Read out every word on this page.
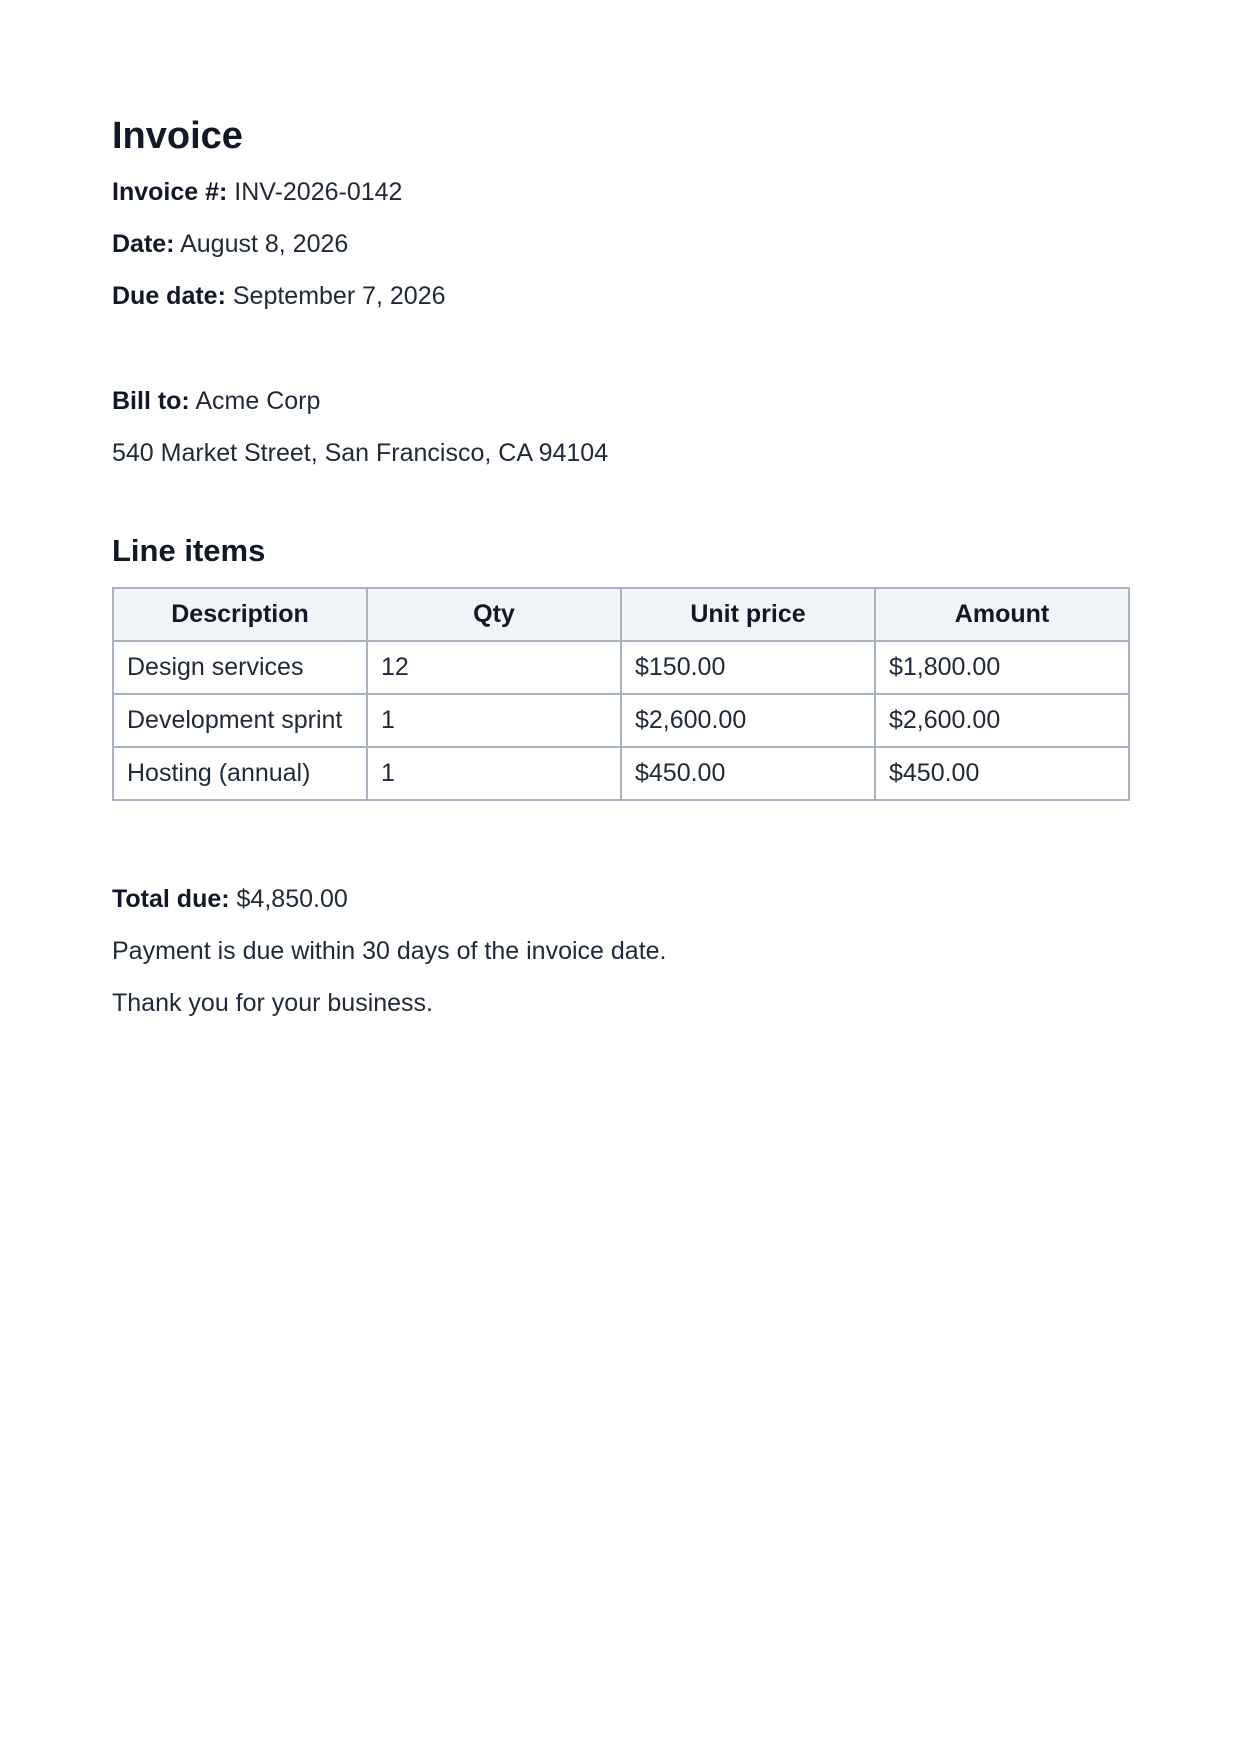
Invoice

Invoice #: INV-2026-0142

Date: August 8, 2026

Due date: September 7, 2026

Bill to: Acme Corp

540 Market Street, San Francisco, CA 94104

Line items
Description	Qty	Unit price	Amount
Design services	12	$150.00	$1,800.00
Development sprint	1	$2,600.00	$2,600.00
Hosting (annual)	1	$450.00	$450.00

Total due: $4,850.00

Payment is due within 30 days of the invoice date.

Thank you for your business.
